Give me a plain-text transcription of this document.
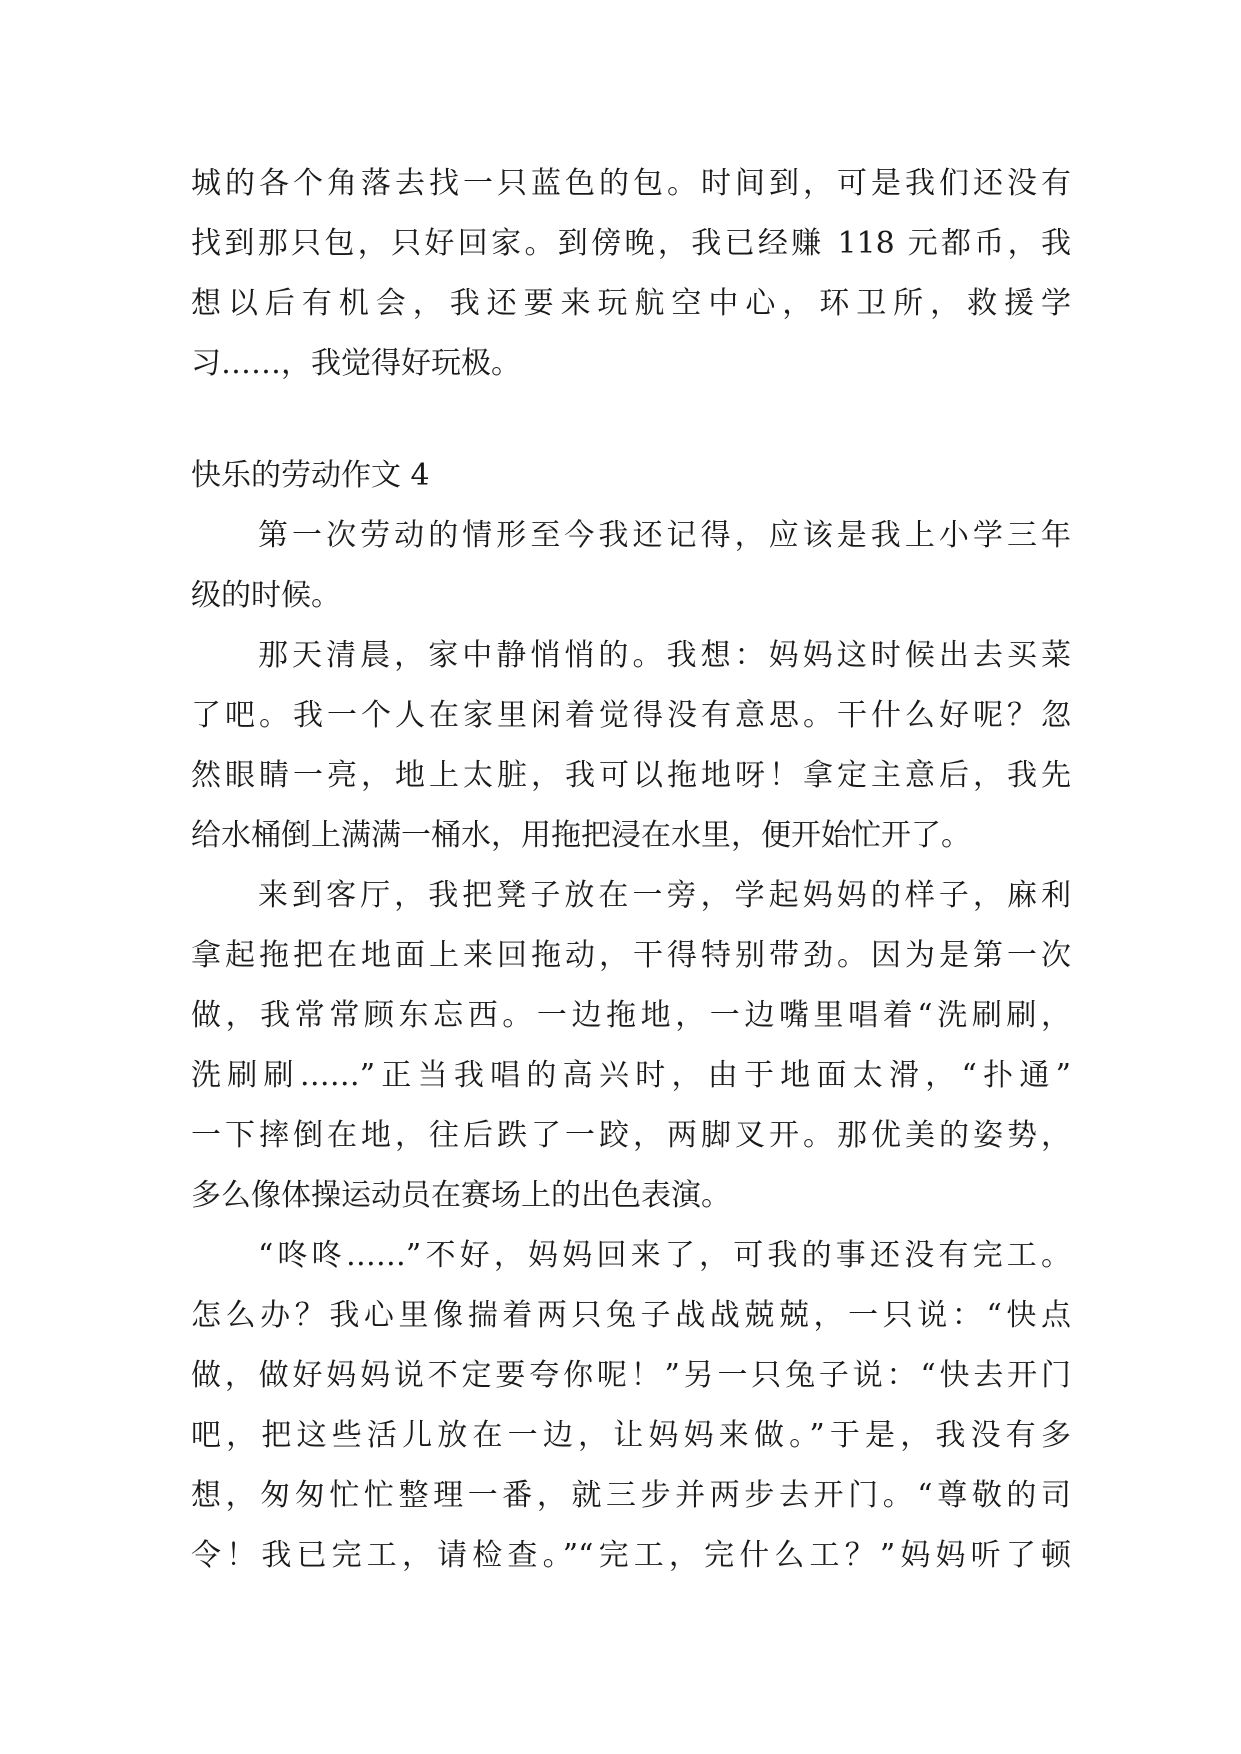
城的各个角落去找一只蓝色的包。时间到，可是我们还没有
找到那只包，只好回家。到傍晚，我已经赚 118 元都币，我
想以后有机会，我还要来玩航空中心，环卫所，救援学
习……，我觉得好玩极。
快乐的劳动作文 4
第一次劳动的情形至今我还记得，应该是我上小学三年
级的时候。
那天清晨，家中静悄悄的。我想：妈妈这时候出去买菜
了吧。我一个人在家里闲着觉得没有意思。干什么好呢？忽
然眼睛一亮，地上太脏，我可以拖地呀！拿定主意后，我先
给水桶倒上满满一桶水，用拖把浸在水里，便开始忙开了。
来到客厅，我把凳子放在一旁，学起妈妈的样子，麻利
拿起拖把在地面上来回拖动，干得特别带劲。因为是第一次
做，我常常顾东忘西。一边拖地，一边嘴里唱着“洗刷刷，
洗刷刷……”正当我唱的高兴时，由于地面太滑，“扑通”
一下摔倒在地，往后跌了一跤，两脚叉开。那优美的姿势，
多么像体操运动员在赛场上的出色表演。
“咚咚……”不好，妈妈回来了，可我的事还没有完工。
怎么办？我心里像揣着两只兔子战战兢兢，一只说：“快点
做，做好妈妈说不定要夸你呢！”另一只兔子说：“快去开门
吧，把这些活儿放在一边，让妈妈来做。”于是，我没有多
想，匆匆忙忙整理一番，就三步并两步去开门。“尊敬的司
令！我已完工，请检查。”“完工，完什么工？”妈妈听了顿
